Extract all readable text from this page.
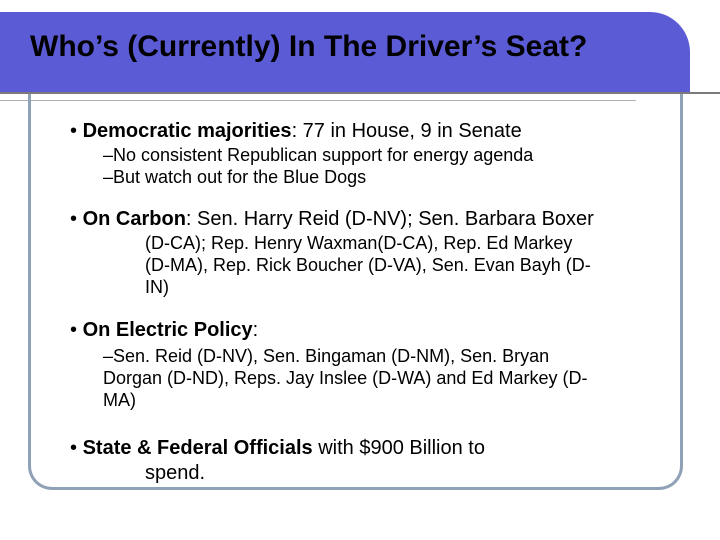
Who’s (Currently) In The Driver’s Seat?
• Democratic majorities: 77 in House, 9 in Senate
–No consistent Republican support for energy agenda
–But watch out for the Blue Dogs
• On Carbon: Sen. Harry Reid (D-NV); Sen. Barbara Boxer
(D-CA); Rep. Henry Waxman(D-CA), Rep. Ed Markey
(D-MA), Rep. Rick Boucher (D-VA), Sen. Evan Bayh (D-
IN)
• On Electric Policy:
–Sen. Reid (D-NV), Sen. Bingaman (D-NM), Sen. Bryan
Dorgan (D-ND), Reps. Jay Inslee (D-WA) and Ed Markey (D-
MA)
• State & Federal Officials with $900 Billion to
spend.
